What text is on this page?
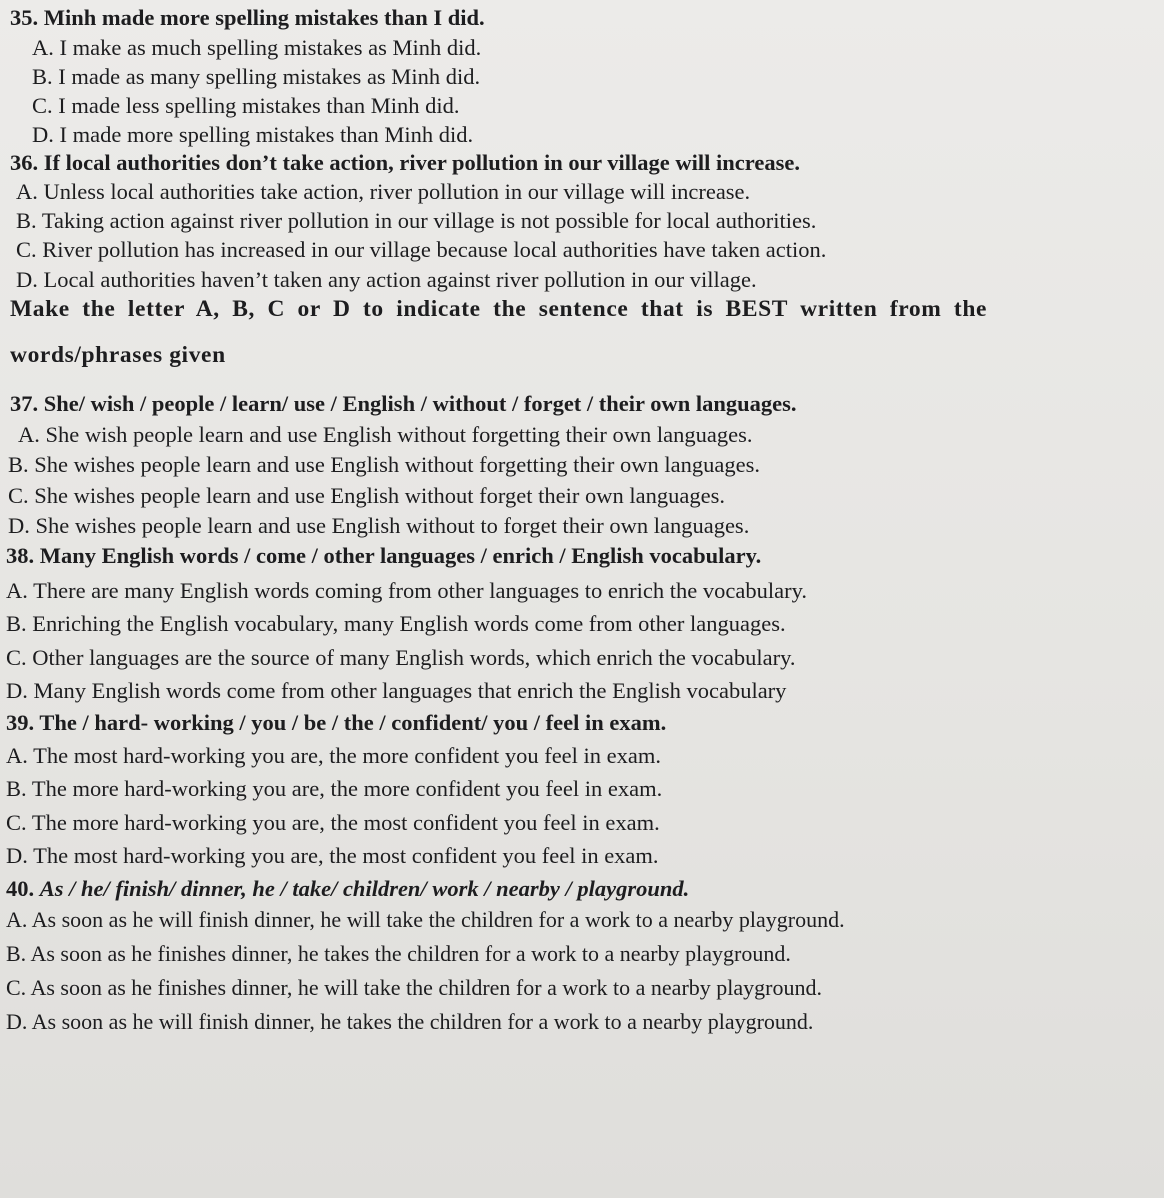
35. Minh made more spelling mistakes than I did.

A. I make as much spelling mistakes as Minh did.

B. I made as many spelling mistakes as Minh did.

C. I made less spelling mistakes than Minh did.

D. I made more spelling mistakes than Minh did.

36. If local authorities don’t take action, river pollution in our village will increase.

A. Unless local authorities take action, river pollution in our village will increase.

B. Taking action against river pollution in our village is not possible for local authorities.

C. River pollution has increased in our village because local authorities have taken action.

D. Local authorities haven’t taken any action against river pollution in our village.

Make the letter A, B, C or D to indicate the sentence that is BEST written from the

words/phrases given

37. She/ wish / people / learn/ use / English / without / forget / their own languages.

A. She wish people learn and use English without forgetting their own languages.

B. She wishes people learn and use English without forgetting their own languages.

C. She wishes people learn and use English without forget their own languages.

D. She wishes people learn and use English without to forget their own languages.

38. Many English words / come / other languages / enrich / English vocabulary.

A. There are many English words coming from other languages to enrich the vocabulary.

B. Enriching the English vocabulary, many English words come from other languages.

C. Other languages are the source of many English words, which enrich the vocabulary.

D. Many English words come from other languages that enrich the English vocabulary

39. The / hard- working / you / be / the / confident/ you / feel in exam.

A. The most hard-working you are, the more confident you feel in exam.

B. The more hard-working you are, the more confident you feel in exam.

C. The more hard-working you are, the most confident you feel in exam.

D. The most hard-working you are, the most confident you feel in exam.

40. As / he/ finish/ dinner, he / take/ children/ work / nearby / playground.

A. As soon as he will finish dinner, he will take the children for a work to a nearby playground.

B. As soon as he finishes dinner, he takes the children for a work to a nearby playground.

C. As soon as he finishes dinner, he will take the children for a work to a nearby playground.

D. As soon as he will finish dinner, he takes the children for a work to a nearby playground.
